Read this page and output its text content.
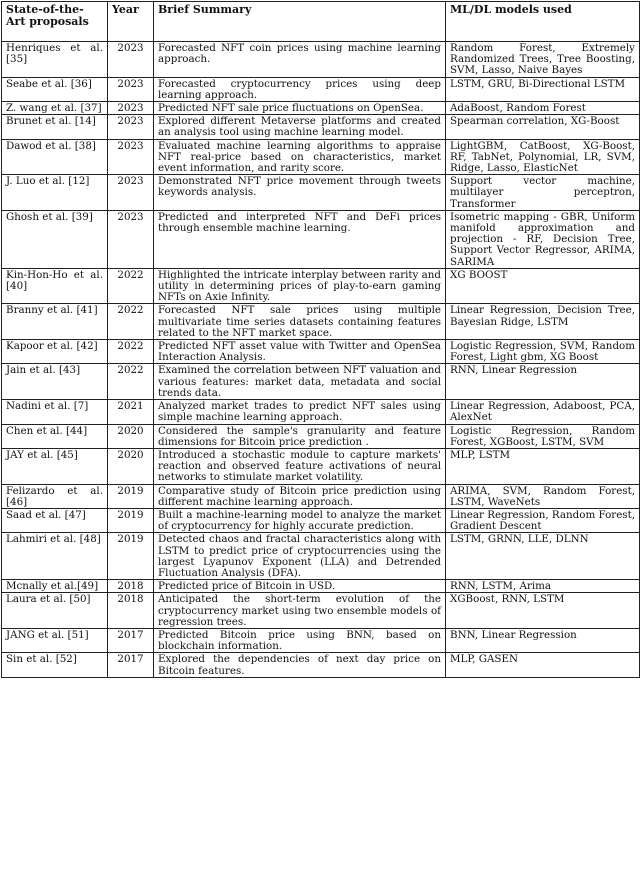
State-of-the-Art proposals	Year	Brief Summary	ML/DL models used
Henriques et al. [35]	2023	Forecasted NFT coin prices using machine learning approach.	Random Forest, Extremely Randomized Trees, Tree Boosting, SVM, Lasso, Naive Bayes
Seabe et al. [36]	2023	Forecasted cryptocurrency prices using deep learning approach.	LSTM, GRU, Bi-Directional LSTM
Z. wang et al. [37]	2023	Predicted NFT sale price fluctuations on OpenSea.	AdaBoost, Random Forest
Brunet et al. [14]	2023	Explored different Metaverse platforms and created an analysis tool using machine learning model.	Spearman correlation, XG-Boost
Dawod et al. [38]	2023	Evaluated machine learning algorithms to appraise NFT real-price based on characteristics, market event information, and rarity score.	LightGBM, CatBoost, XG-Boost, RF, TabNet, Polynomial, LR, SVM, Ridge, Lasso, ElasticNet
J. Luo et al. [12]	2023	Demonstrated NFT price movement through tweets keywords analysis.	Support vector machine, multilayer perceptron, Transformer
Ghosh et al. [39]	2023	Predicted and interpreted NFT and DeFi prices through ensemble machine learning.	Isometric mapping - GBR, Uniform manifold approximation and projection - RF, Decision Tree, Support Vector Regressor, ARIMA, SARIMA
Kin-Hon-Ho et al. [40]	2022	Highlighted the intricate interplay between rarity and utility in determining prices of play-to-earn gaming NFTs on Axie Infinity.	XG BOOST
Branny et al. [41]	2022	Forecasted NFT sale prices using multiple multivariate time series datasets containing features related to the NFT market space.	Linear Regression, Decision Tree, Bayesian Ridge, LSTM
Kapoor et al. [42]	2022	Predicted NFT asset value with Twitter and OpenSea Interaction Analysis.	Logistic Regression, SVM, Random Forest, Light gbm, XG Boost
Jain et al. [43]	2022	Examined the correlation between NFT valuation and various features: market data, metadata and social trends data.	RNN, Linear Regression
Nadini et al. [7]	2021	Analyzed market trades to predict NFT sales using simple machine learning approach.	Linear Regression, Adaboost, PCA, AlexNet
Chen et al. [44]	2020	Considered the sample's granularity and feature dimensions for Bitcoin price prediction .	Logistic Regression, Random Forest, XGBoost, LSTM, SVM
JAY et al. [45]	2020	Introduced a stochastic module to capture markets' reaction and observed feature activations of neural networks to stimulate market volatility.	MLP, LSTM
Felizardo et al. [46]	2019	Comparative study of Bitcoin price prediction using different machine learning approach.	ARIMA, SVM, Random Forest, LSTM, WaveNets
Saad et al. [47]	2019	Built a machine-learning model to analyze the market of cryptocurrency for highly accurate prediction.	Linear Regression, Random Forest, Gradient Descent
Lahmiri et al. [48]	2019	Detected chaos and fractal characteristics along with LSTM to predict price of cryptocurrencies using the largest Lyapunov Exponent (LLA) and Detrended Fluctuation Analysis (DFA).	LSTM, GRNN, LLE, DLNN
Mcnally et al.[49]	2018	Predicted price of Bitcoin in USD.	RNN, LSTM, Arima
Laura et al. [50]	2018	Anticipated the short-term evolution of the cryptocurrency market using two ensemble models of regression trees.	XGBoost, RNN, LSTM
JANG et al. [51]	2017	Predicted Bitcoin price using BNN, based on blockchain information.	BNN, Linear Regression
Sin et al. [52]	2017	Explored the dependencies of next day price on Bitcoin features.	MLP, GASEN
